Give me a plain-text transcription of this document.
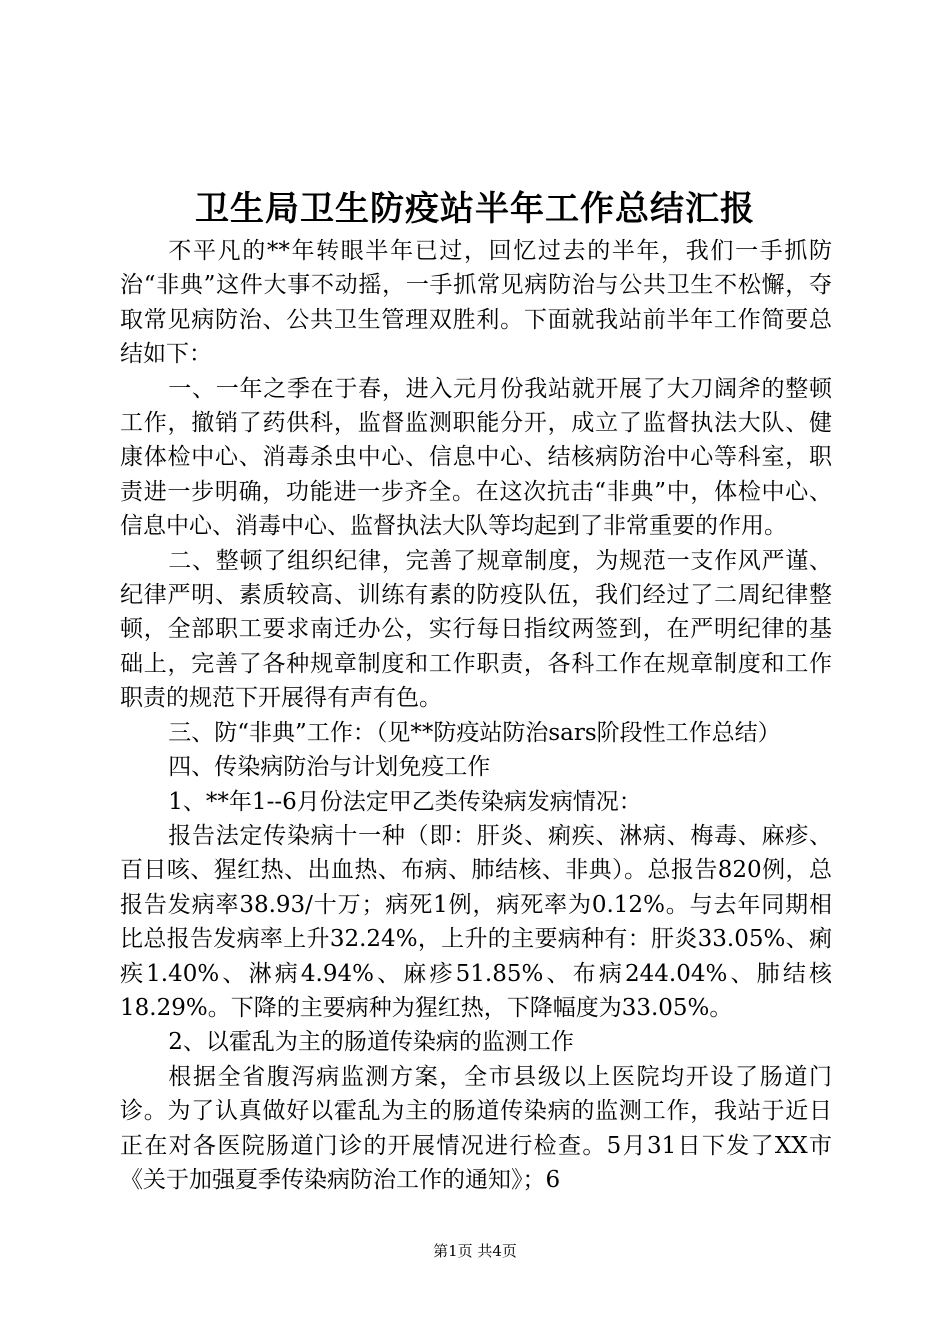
卫生局卫生防疫站半年工作总结汇报

不平凡的**年转眼半年已过，回忆过去的半年，我们一手抓防治“非典”这件大事不动摇，一手抓常见病防治与公共卫生不松懈，夺取常见病防治、公共卫生管理双胜利。下面就我站前半年工作简要总结如下：

一、一年之季在于春，进入元月份我站就开展了大刀阔斧的整顿工作，撤销了药供科，监督监测职能分开，成立了监督执法大队、健康体检中心、消毒杀虫中心、信息中心、结核病防治中心等科室，职责进一步明确，功能进一步齐全。在这次抗击“非典”中，体检中心、信息中心、消毒中心、监督执法大队等均起到了非常重要的作用。

二、整顿了组织纪律，完善了规章制度，为规范一支作风严谨、纪律严明、素质较高、训练有素的防疫队伍，我们经过了二周纪律整顿，全部职工要求南迁办公，实行每日指纹两签到，在严明纪律的基础上，完善了各种规章制度和工作职责，各科工作在规章制度和工作职责的规范下开展得有声有色。

三、防“非典”工作：（见**防疫站防治sars阶段性工作总结）

四、传染病防治与计划免疫工作

1、**年1--6月份法定甲乙类传染病发病情况：

报告法定传染病十一种（即：肝炎、痢疾、淋病、梅毒、麻疹、百日咳、猩红热、出血热、布病、肺结核、非典）。总报告820例，总报告发病率38.93/十万；病死1例，病死率为0.12%。与去年同期相比总报告发病率上升32.24%，上升的主要病种有：肝炎33.05%、痢疾1.40%、淋病4.94%、麻疹51.85%、布病244.04%、肺结核18.29%。下降的主要病种为猩红热，下降幅度为33.05%。

2、以霍乱为主的肠道传染病的监测工作

根据全省腹泻病监测方案，全市县级以上医院均开设了肠道门诊。为了认真做好以霍乱为主的肠道传染病的监测工作，我站于近日正在对各医院肠道门诊的开展情况进行检查。5月31日下发了XX市《关于加强夏季传染病防治工作的通知》；6

第1页 共4页
